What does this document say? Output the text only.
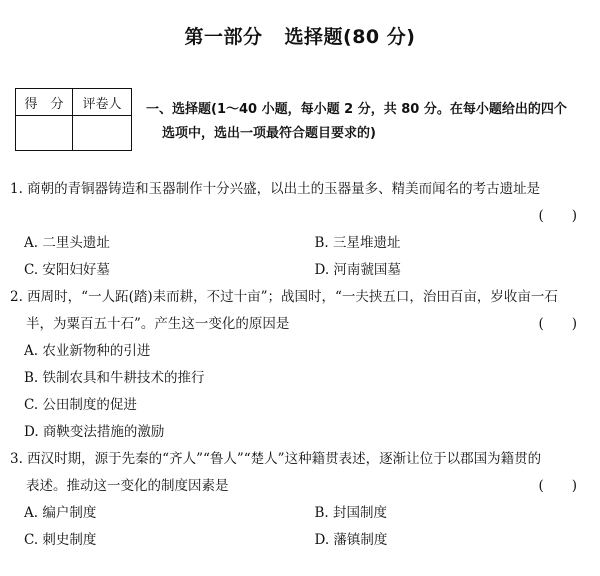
第一部分 选择题(80 分)
得　分	评卷人
	一、选择题(1～40 小题，每小题 2 分，共 80 分。在每小题给出的四个
选项中，选出一项最符合题目要求的)
1. 商朝的青铜器铸造和玉器制作十分兴盛，以出土的玉器量多、精美而闻名的考古遗址是
( )
A. 二里头遗址	B. 三星堆遗址
C. 安阳妇好墓	D. 河南虢国墓
2. 西周时，“一人跖(踏)耒而耕，不过十亩”；战国时，“一夫挟五口，治田百亩，岁收亩一石
半，为粟百五十石”。产生这一变化的原因是	( )
A. 农业新物种的引进
B. 铁制农具和牛耕技术的推行
C. 公田制度的促进
D. 商鞅变法措施的激励
3. 西汉时期，源于先秦的“齐人”“鲁人”“楚人”这种籍贯表述，逐渐让位于以郡国为籍贯的
表述。推动这一变化的制度因素是	( )
A. 编户制度	B. 封国制度
C. 刺史制度	D. 藩镇制度
